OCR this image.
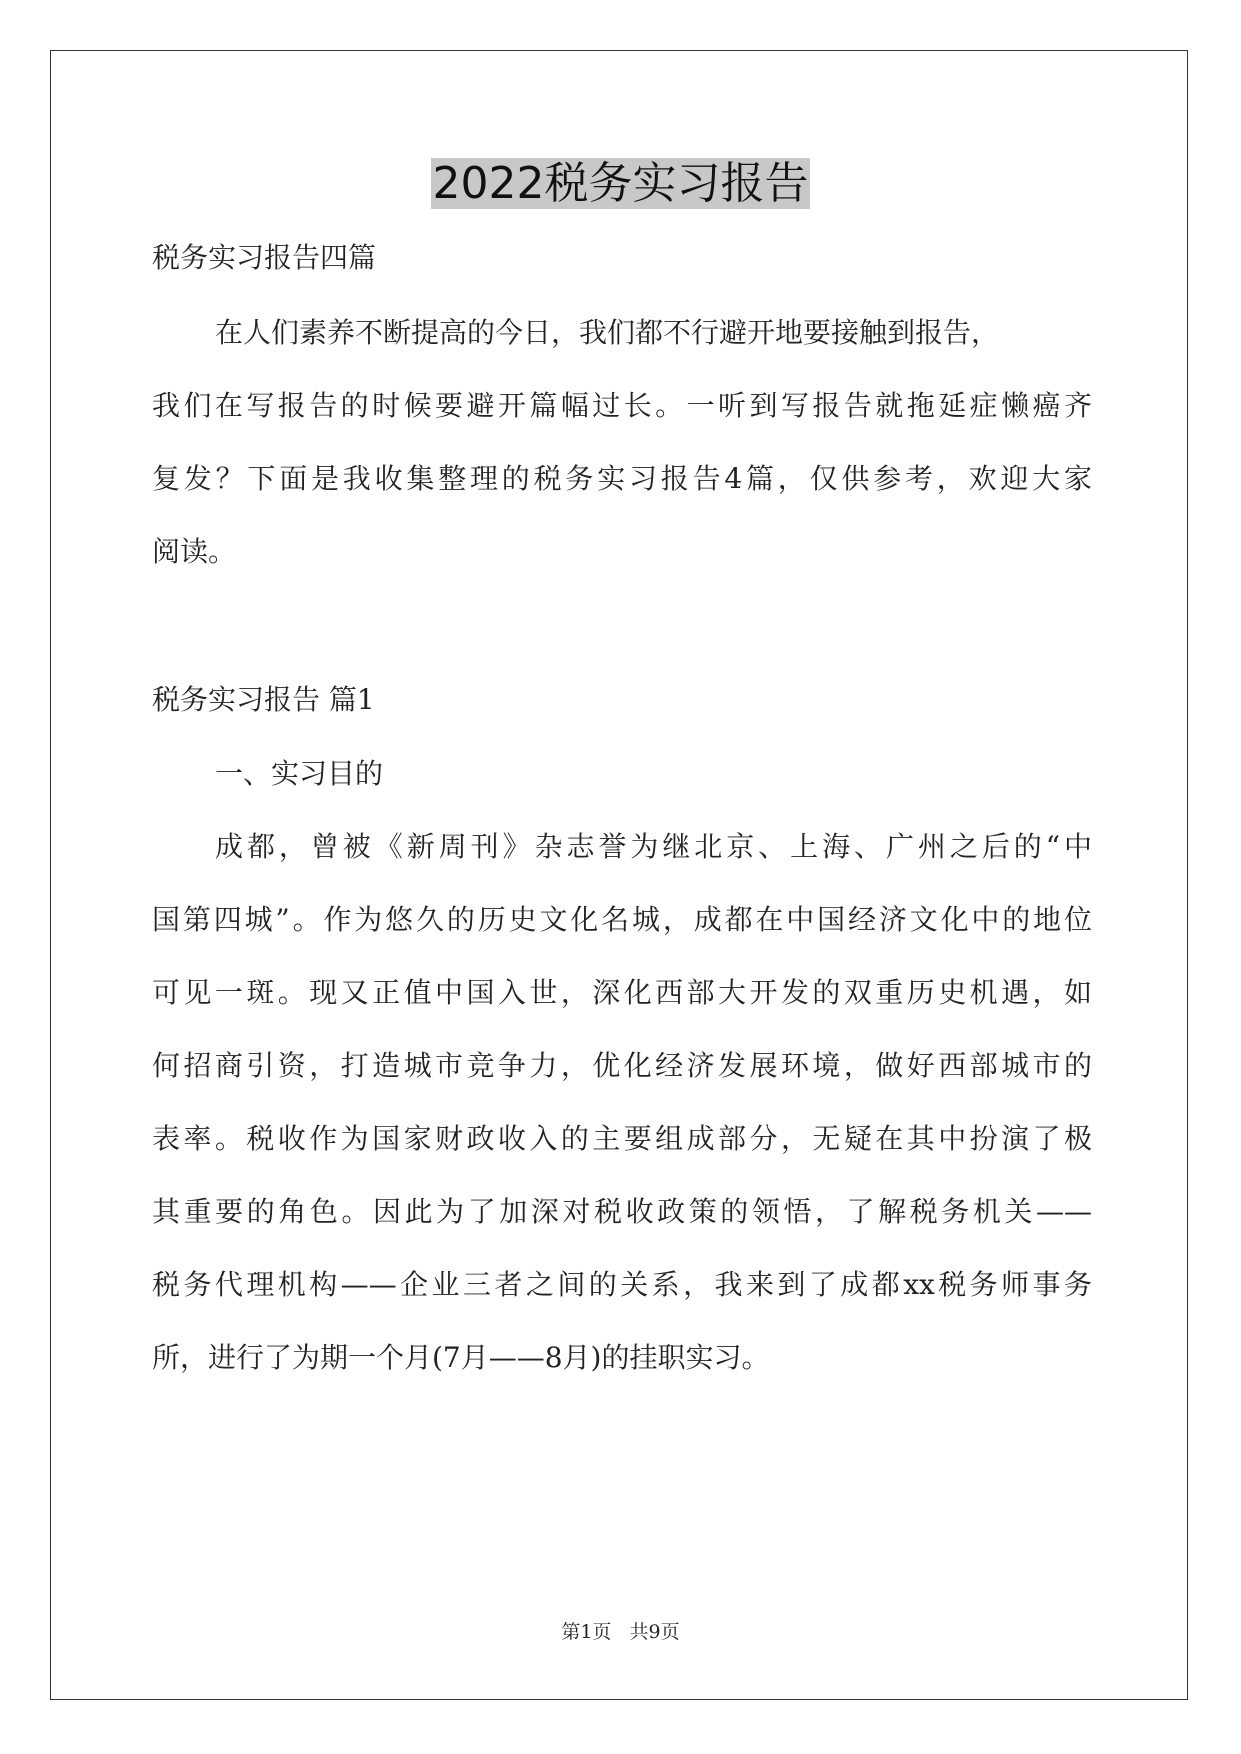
2022税务实习报告
税务实习报告四篇
在人们素养不断提高的今日，我们都不行避开地要接触到报告，
我们在写报告的时候要避开篇幅过长。一听到写报告就拖延症懒癌齐
复发？下面是我收集整理的税务实习报告4篇，仅供参考，欢迎大家
阅读。
税务实习报告 篇1
一、实习目的
成都，曾被《新周刊》杂志誉为继北京、上海、广州之后的“中
国第四城”。作为悠久的历史文化名城，成都在中国经济文化中的地位
可见一斑。现又正值中国入世，深化西部大开发的双重历史机遇，如
何招商引资，打造城市竞争力，优化经济发展环境，做好西部城市的
表率。税收作为国家财政收入的主要组成部分，无疑在其中扮演了极
其重要的角色。因此为了加深对税收政策的领悟，了解税务机关——
税务代理机构——企业三者之间的关系，我来到了成都xx税务师事务
所，进行了为期一个月(7月——8月)的挂职实习。
第1页   共9页
